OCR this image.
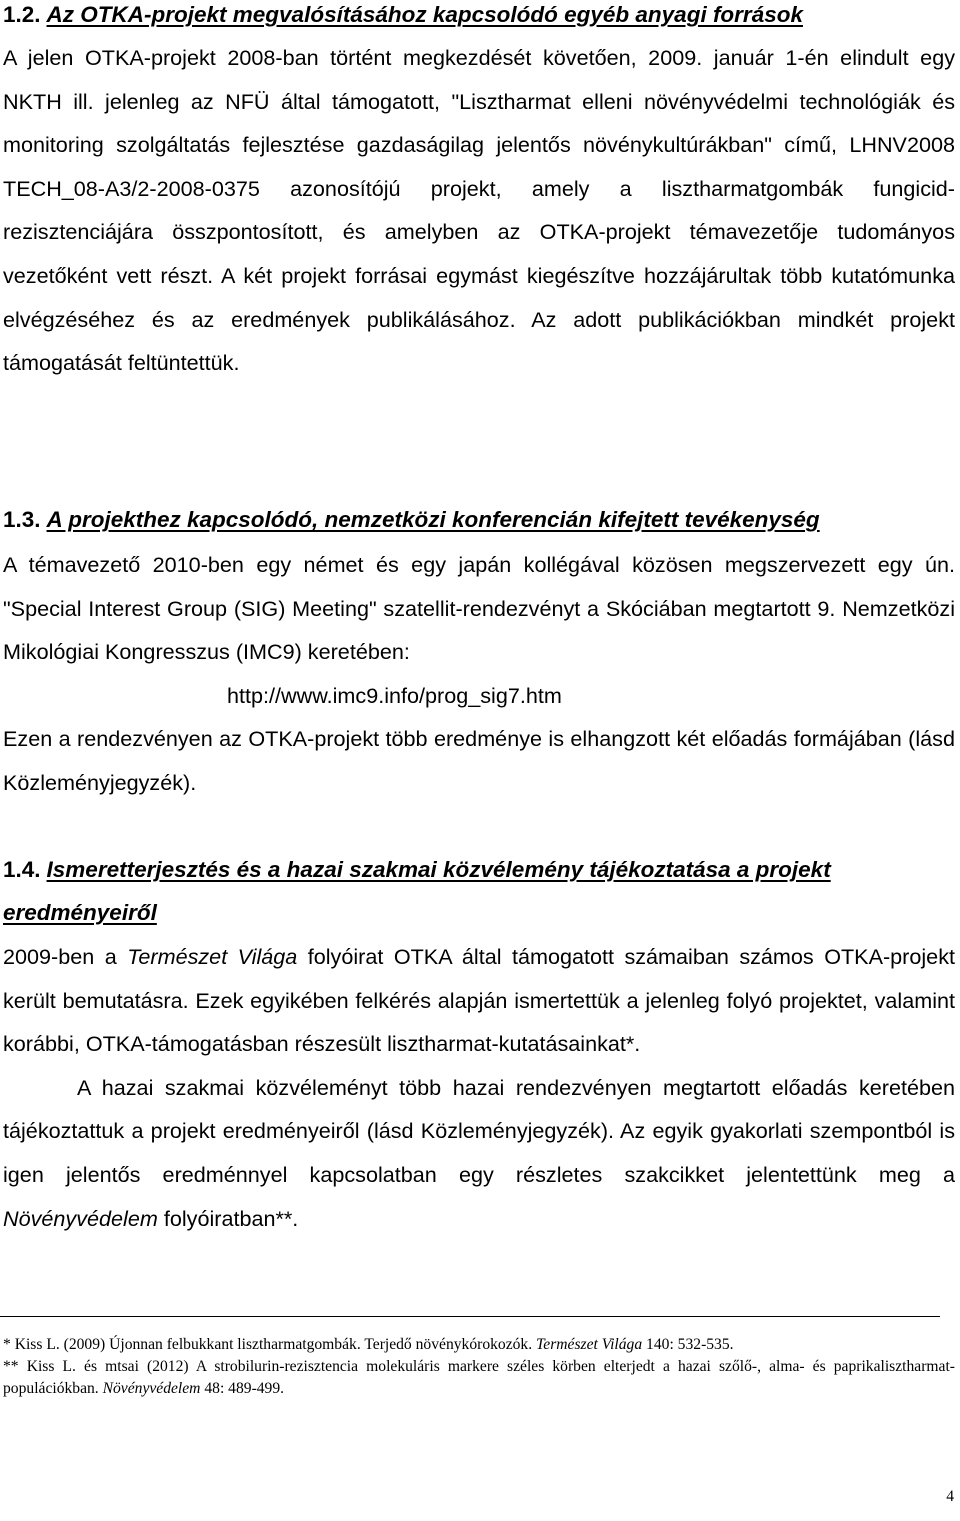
1.2. Az OTKA-projekt megvalósításához kapcsolódó egyéb anyagi források

A jelen OTKA-projekt 2008-ban történt megkezdését követően, 2009. január 1-én elindult egy NKTH ill. jelenleg az NFÜ által támogatott, "Lisztharmat elleni növényvédelmi technológiák és monitoring szolgáltatás fejlesztése gazdaságilag jelentős növénykultúrákban" című, LHNV2008 TECH_08-A3/2-2008-0375 azonosítójú projekt, amely a lisztharmatgombák fungicid-rezisztenciájára összpontosított, és amelyben az OTKA-projekt témavezetője tudományos vezetőként vett részt. A két projekt forrásai egymást kiegészítve hozzájárultak több kutatómunka elvégzéséhez és az eredmények publikálásához. Az adott publikációkban mindkét projekt támogatását feltüntettük.

1.3. A projekthez kapcsolódó, nemzetközi konferencián kifejtett tevékenység

A témavezető 2010-ben egy német és egy japán kollégával közösen megszervezett egy ún. "Special Interest Group (SIG) Meeting" szatellit-rendezvényt a Skóciában megtartott 9. Nemzetközi Mikológiai Kongresszus (IMC9) keretében:

http://www.imc9.info/prog_sig7.htm

Ezen a rendezvényen az OTKA-projekt több eredménye is elhangzott két előadás formájában (lásd Közleményjegyzék).

1.4. Ismeretterjesztés és a hazai szakmai közvélemény tájékoztatása a projekt eredményeiről

2009-ben a Természet Világa folyóirat OTKA által támogatott számaiban számos OTKA-projekt került bemutatásra. Ezek egyikében felkérés alapján ismertettük a jelenleg folyó projektet, valamint korábbi, OTKA-támogatásban részesült lisztharmat-kutatásainkat*.

A hazai szakmai közvéleményt több hazai rendezvényen megtartott előadás keretében tájékoztattuk a projekt eredményeiről (lásd Közleményjegyzék). Az egyik gyakorlati szempontból is igen jelentős eredménnyel kapcsolatban egy részletes szakcikket jelentettünk meg a Növényvédelem folyóiratban**.

* Kiss L. (2009) Újonnan felbukkant lisztharmatgombák. Terjedő növénykórokozók. Természet Világa 140: 532-535.

** Kiss L. és mtsai (2012) A strobilurin-rezisztencia molekuláris markere széles körben elterjedt a hazai szőlő-, alma- és paprikalisztharmat-populációkban. Növényvédelem 48: 489-499.

4
